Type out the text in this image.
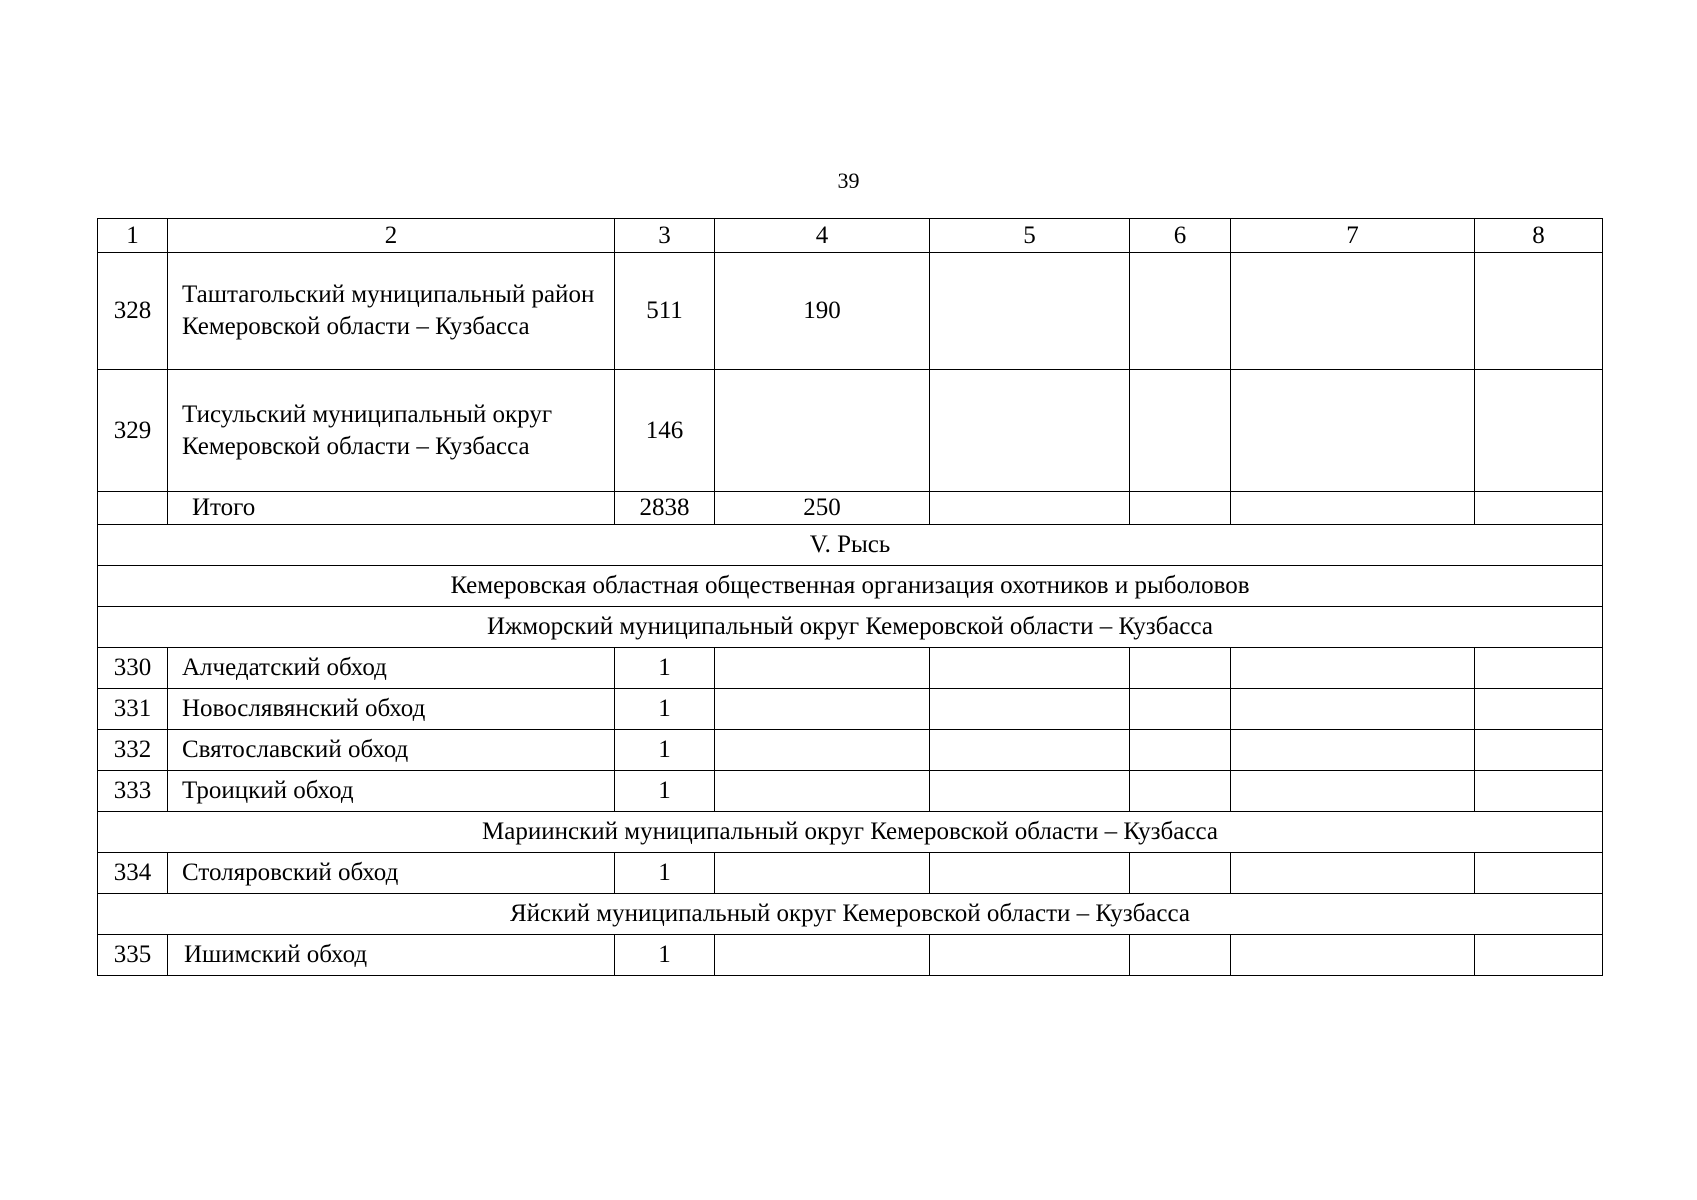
39
1	2	3	4	5	6	7	8
328	Таштагольский муниципальный район Кемеровской области – Кузбасса	511	190				
329	Тисульский муниципальный округ Кемеровской области – Кузбасса	146					
	Итого	2838	250				
V. Рысь							
Кемеровская областная общественная организация охотников и рыболовов							
Ижморский муниципальный округ Кемеровской области – Кузбасса							
330	Алчедатский обход	1					
331	Новослявянский обход	1					
332	Святославский обход	1					
333	Троицкий обход	1					
Мариинский муниципальный округ Кемеровской области – Кузбасса							
334	Столяровский обход	1					
Яйский муниципальный округ Кемеровской области – Кузбасса							
335	Ишимский обход	1					
